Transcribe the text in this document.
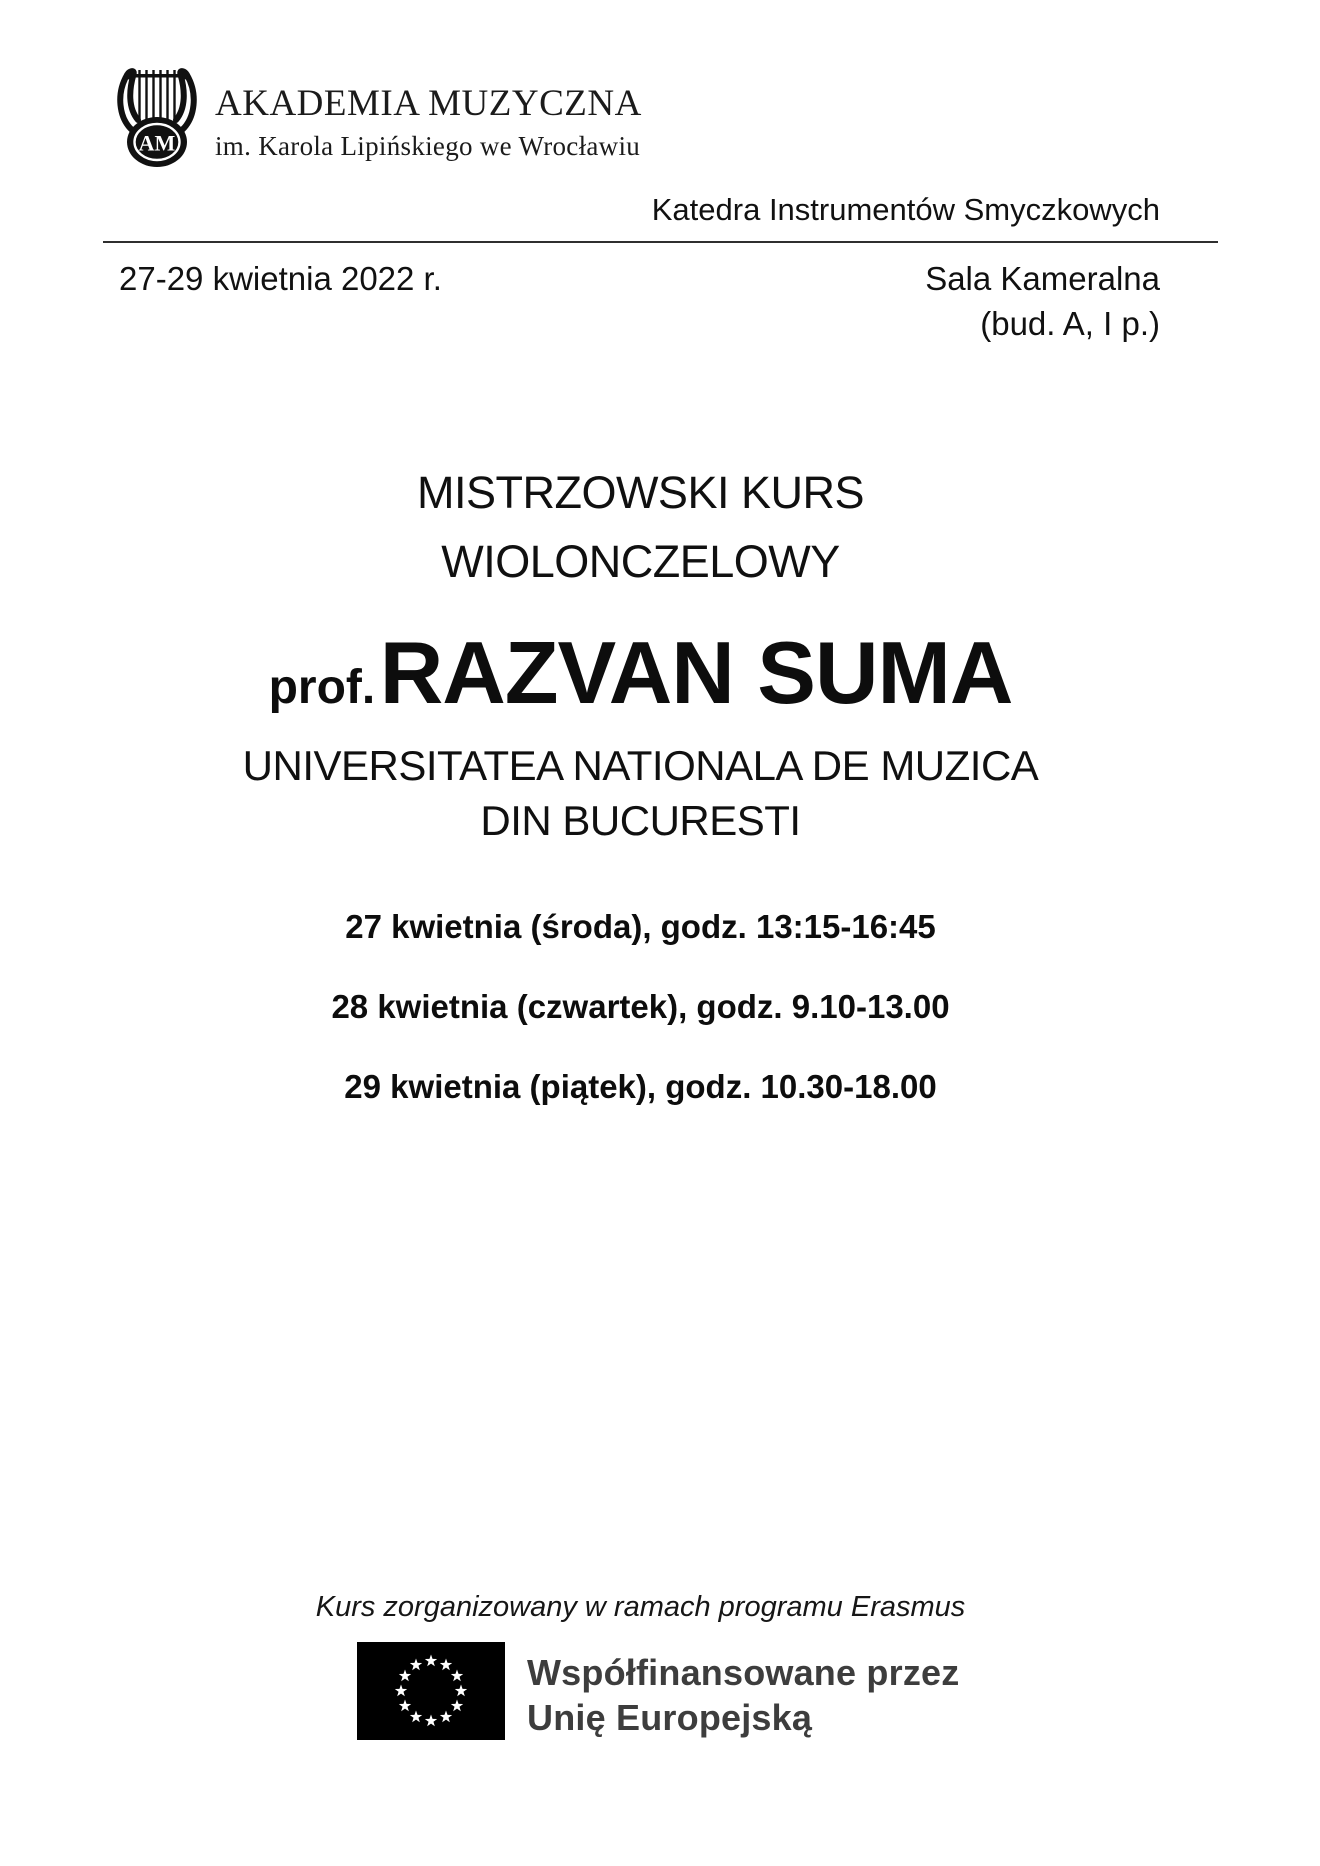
AM
AKADEMIA MUZYCZNA
im. Karola Lipińskiego we Wrocławiu
Katedra Instrumentów Smyczkowych
27-29 kwietnia 2022 r.	Sala Kameralna
(bud. A, I p.)
MISTRZOWSKI KURS
WIOLONCZELOWY
prof. RAZVAN SUMA
UNIVERSITATEA NATIONALA DE MUZICA
DIN BUCURESTI
27 kwietnia (środa), godz. 13:15-16:45
28 kwietnia (czwartek), godz. 9.10-13.00
29 kwietnia (piątek), godz. 10.30-18.00
Kurs zorganizowany w ramach programu Erasmus
Współfinansowane przez
Unię Europejską
